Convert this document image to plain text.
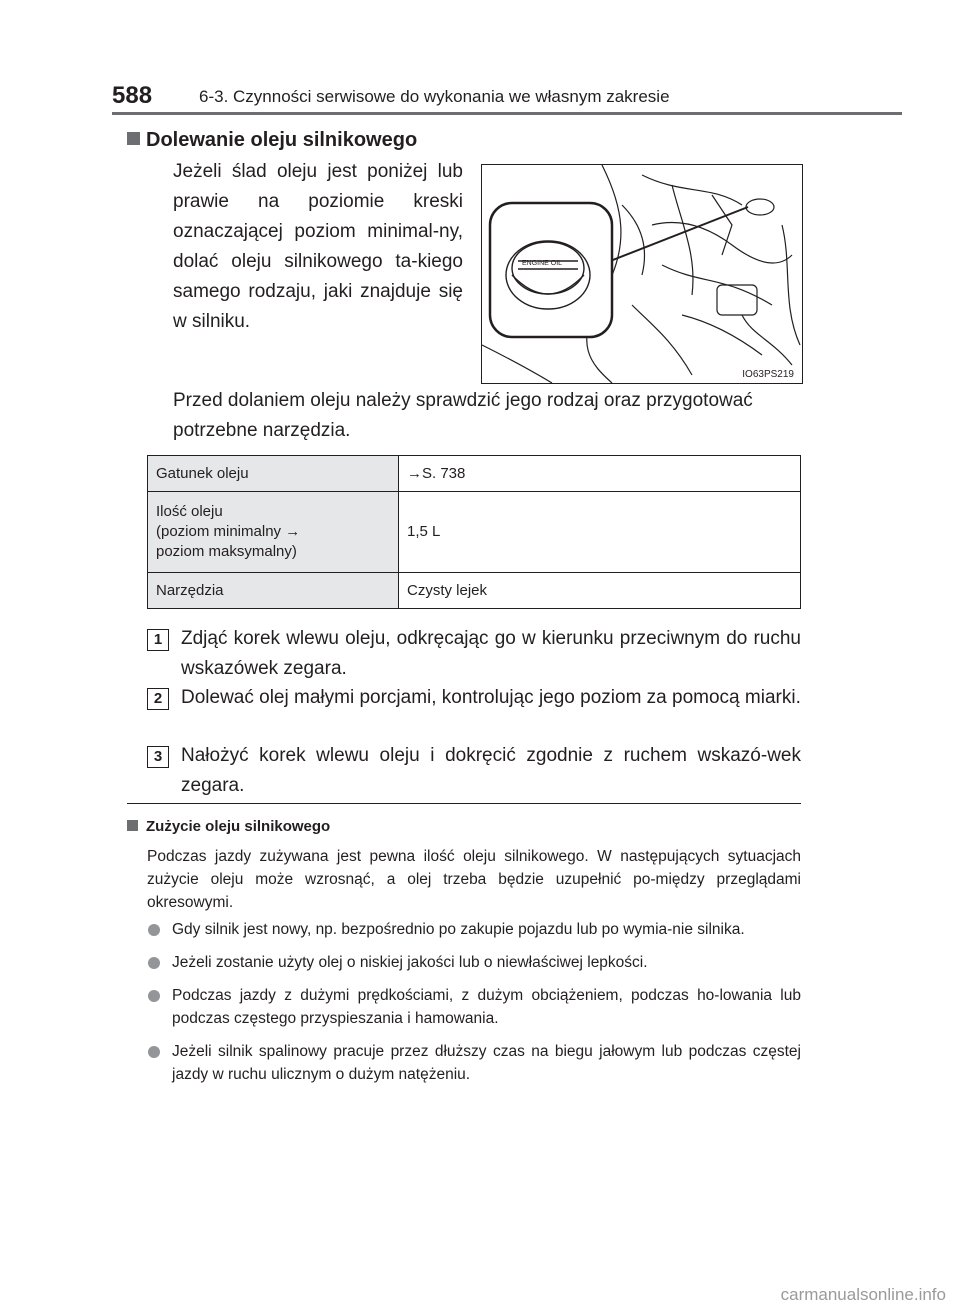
588	6-3. Czynności serwisowe do wykonania we własnym zakresie
Dolewanie oleju silnikowego
Jeżeli ślad oleju jest poniżej lub prawie na poziomie kreski oznaczającej poziom minimal-ny, dolać oleju silnikowego ta-kiego samego rodzaju, jaki znajduje się w silniku.
ENGINE OIL
IO63PS219
Przed dolaniem oleju należy sprawdzić jego rodzaj oraz przygotować potrzebne narzędzia.
Gatunek oleju	→S. 738

Ilość oleju
(poziom minimalny →
poziom maksymalny)	1,5 L
Narzędzia	Czysty lejek
1 Zdjąć korek wlewu oleju, odkręcając go w kierunku przeciwnym do ruchu wskazówek zegara.
2 Dolewać olej małymi porcjami, kontrolując jego poziom za pomocą miarki.
3 Nałożyć korek wlewu oleju i dokręcić zgodnie z ruchem wskazó-wek zegara.
Zużycie oleju silnikowego
Podczas jazdy zużywana jest pewna ilość oleju silnikowego. W następujących sytuacjach zużycie oleju może wzrosnąć, a olej trzeba będzie uzupełnić po-między przeglądami okresowymi.
Gdy silnik jest nowy, np. bezpośrednio po zakupie pojazdu lub po wymia-nie silnika.
Jeżeli zostanie użyty olej o niskiej jakości lub o niewłaściwej lepkości.
Podczas jazdy z dużymi prędkościami, z dużym obciążeniem, podczas ho-lowania lub podczas częstego przyspieszania i hamowania.
Jeżeli silnik spalinowy pracuje przez dłuższy czas na biegu jałowym lub podczas częstej jazdy w ruchu ulicznym o dużym natężeniu.
carmanualsonline.info
